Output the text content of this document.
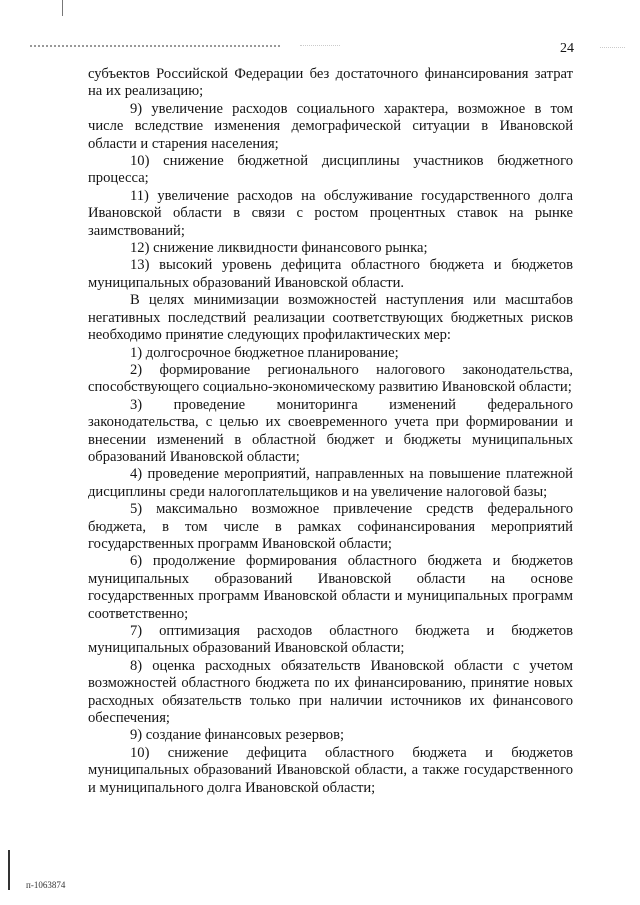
24

субъектов Российской Федерации без достаточного финансирования затрат на их реализацию;

9) увеличение расходов социального характера, возможное в том числе вследствие изменения демографической ситуации в Ивановской области и старения населения;

10) снижение бюджетной дисциплины участников бюджетного процесса;

11) увеличение расходов на обслуживание государственного долга Ивановской области в связи с ростом процентных ставок на рынке заимствований;

12) снижение ликвидности финансового рынка;

13) высокий уровень дефицита областного бюджета и бюджетов муниципальных образований Ивановской области.

В целях минимизации возможностей наступления или масштабов негативных последствий реализации соответствующих бюджетных рисков необходимо принятие следующих профилактических мер:

1) долгосрочное бюджетное планирование;

2) формирование регионального налогового законодательства, способствующего социально-экономическому развитию Ивановской области;

3) проведение мониторинга изменений федерального законодательства, с целью их своевременного учета при формировании и внесении изменений в областной бюджет и бюджеты муниципальных образований Ивановской области;

4) проведение мероприятий, направленных на повышение платежной дисциплины среди налогоплательщиков и на увеличение налоговой базы;

5) максимально возможное привлечение средств федерального бюджета, в том числе в рамках софинансирования мероприятий государственных программ Ивановской области;

6) продолжение формирования областного бюджета и бюджетов муниципальных образований Ивановской области на основе государственных программ Ивановской области и муниципальных программ соответственно;

7) оптимизация расходов областного бюджета и бюджетов муниципальных образований Ивановской области;

8) оценка расходных обязательств Ивановской области с учетом возможностей областного бюджета по их финансированию, принятие новых расходных обязательств только при наличии источников их финансового обеспечения;

9) создание финансовых резервов;

10) снижение дефицита областного бюджета и бюджетов муниципальных образований Ивановской области, а также государственного и муниципального долга Ивановской области;

п-1063874
